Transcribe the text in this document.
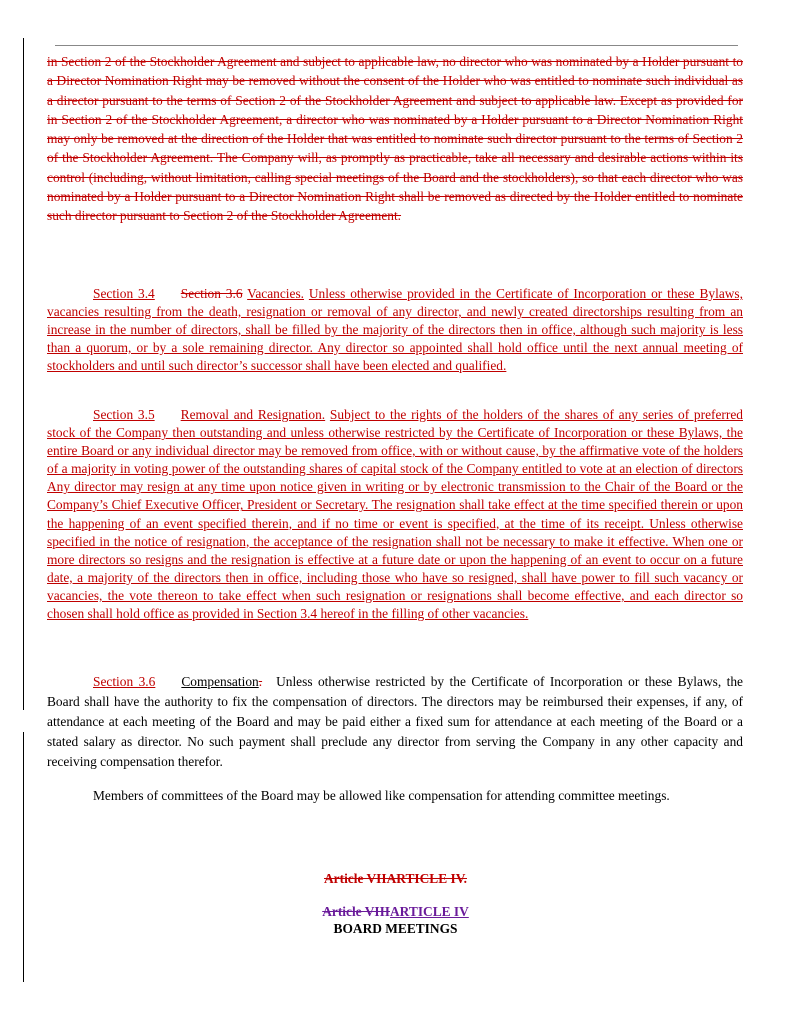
in Section 2 of the Stockholder Agreement and subject to applicable law, no director who was nominated by a Holder pursuant to a Director Nomination Right may be removed without the consent of the Holder who was entitled to nominate such individual as a director pursuant to the terms of Section 2 of the Stockholder Agreement and subject to applicable law. Except as provided for in Section 2 of the Stockholder Agreement, a director who was nominated by a Holder pursuant to a Director Nomination Right may only be removed at the direction of the Holder that was entitled to nominate such director pursuant to the terms of Section 2 of the Stockholder Agreement. The Company will, as promptly as practicable, take all necessary and desirable actions within its control (including, without limitation, calling special meetings of the Board and the stockholders), so that each director who was nominated by a Holder pursuant to a Director Nomination Right shall be removed as directed by the Holder entitled to nominate such director pursuant to Section 2 of the Stockholder Agreement.
Section 3.4 Section 3.6 Vacancies. Unless otherwise provided in the Certificate of Incorporation or these Bylaws, vacancies resulting from the death, resignation or removal of any director, and newly created directorships resulting from an increase in the number of directors, shall be filled by the majority of the directors then in office, although such majority is less than a quorum, or by a sole remaining director. Any director so appointed shall hold office until the next annual meeting of stockholders and until such director’s successor shall have been elected and qualified.
Section 3.5 Removal and Resignation. Subject to the rights of the holders of the shares of any series of preferred stock of the Company then outstanding and unless otherwise restricted by the Certificate of Incorporation or these Bylaws, the entire Board or any individual director may be removed from office, with or without cause, by the affirmative vote of the holders of a majority in voting power of the outstanding shares of capital stock of the Company entitled to vote at an election of directors Any director may resign at any time upon notice given in writing or by electronic transmission to the Chair of the Board or the Company’s Chief Executive Officer, President or Secretary. The resignation shall take effect at the time specified therein or upon the happening of an event specified therein, and if no time or event is specified, at the time of its receipt. Unless otherwise specified in the notice of resignation, the acceptance of the resignation shall not be necessary to make it effective. When one or more directors so resigns and the resignation is effective at a future date or upon the happening of an event to occur on a future date, a majority of the directors then in office, including those who have so resigned, shall have power to fill such vacancy or vacancies, the vote thereon to take effect when such resignation or resignations shall become effective, and each director so chosen shall hold office as provided in Section 3.4 hereof in the filling of other vacancies.
Section 3.6 Compensation. Unless otherwise restricted by the Certificate of Incorporation or these Bylaws, the Board shall have the authority to fix the compensation of directors. The directors may be reimbursed their expenses, if any, of attendance at each meeting of the Board and may be paid either a fixed sum for attendance at each meeting of the Board or a stated salary as director. No such payment shall preclude any director from serving the Company in any other capacity and receiving compensation therefor.
Members of committees of the Board may be allowed like compensation for attending committee meetings.
Article VIIARTICLE IV.
Article VIIIARTICLE IV
BOARD MEETINGS
